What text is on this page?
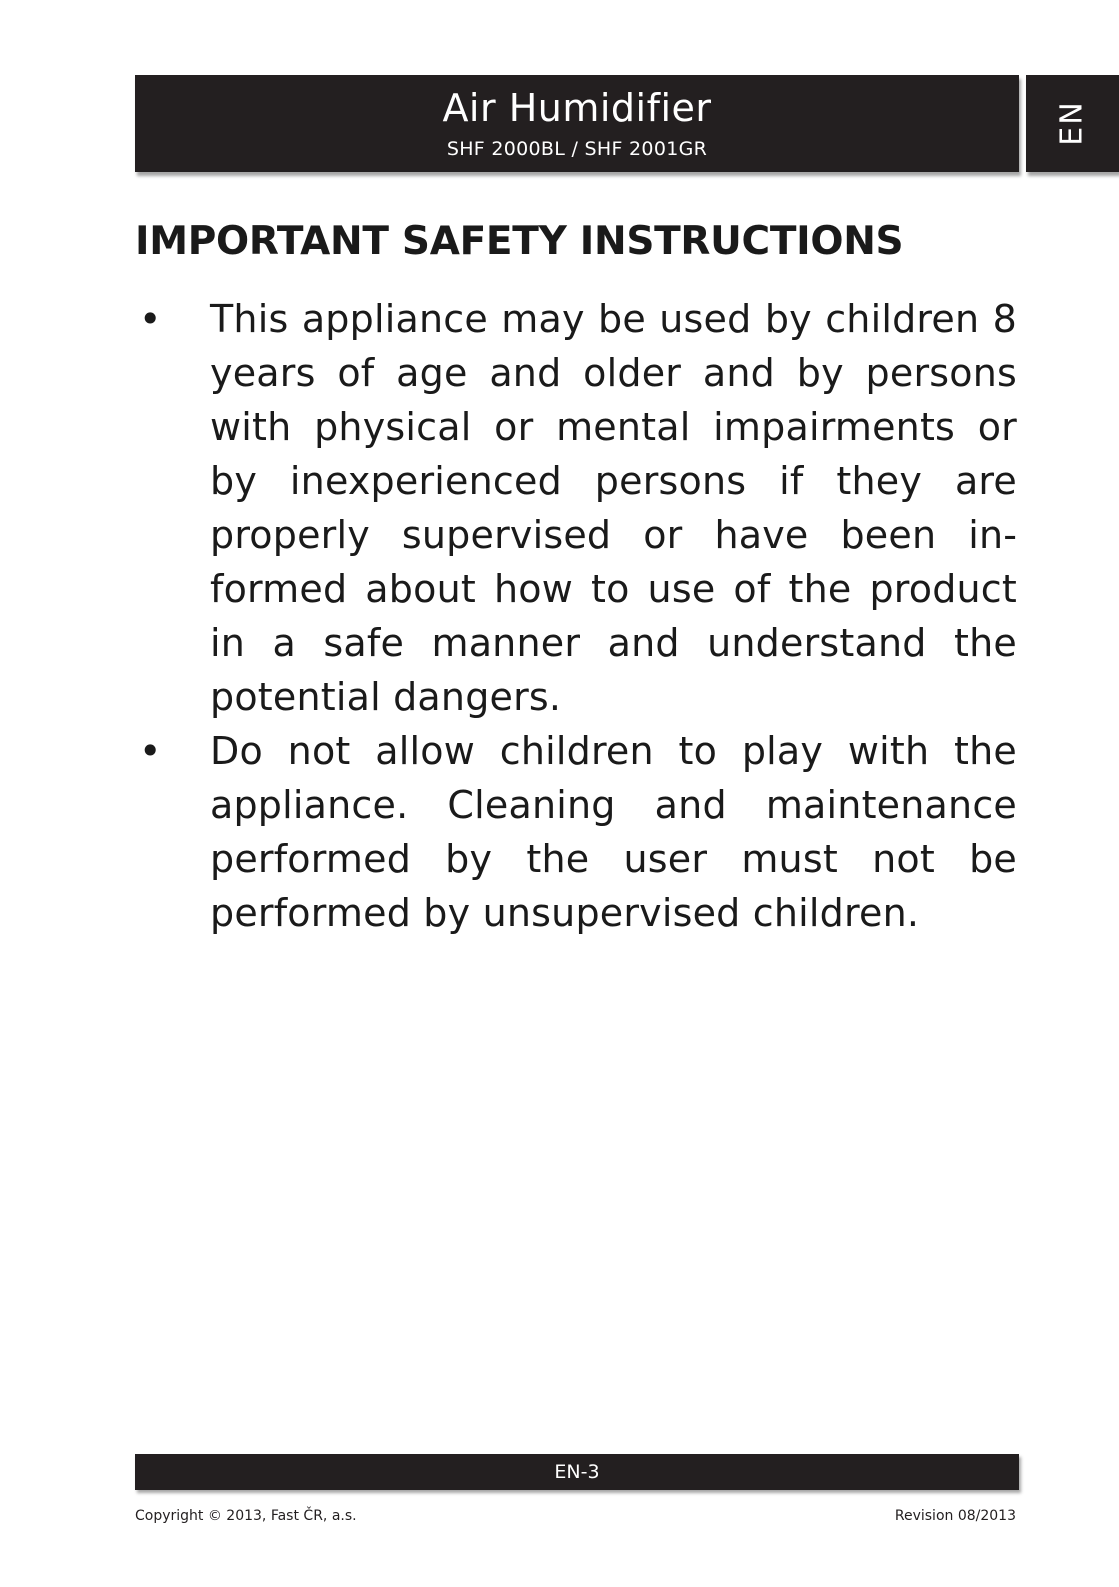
Air Humidifier
SHF 2000BL / SHF 2001GR
EN
IMPORTANT SAFETY INSTRUCTIONS
• This appliance may be used by children 8 years of age and older and by persons with physical or mental impairments or by inexperienced persons if they are properly supervised or have been informed about how to use of the product in a safe manner and understand the potential dangers.
• Do not allow children to play with the appliance. Cleaning and maintenance performed by the user must not be performed by unsupervised children.
EN-3
Copyright © 2013, Fast ČR, a.s.	Revision 08/2013
